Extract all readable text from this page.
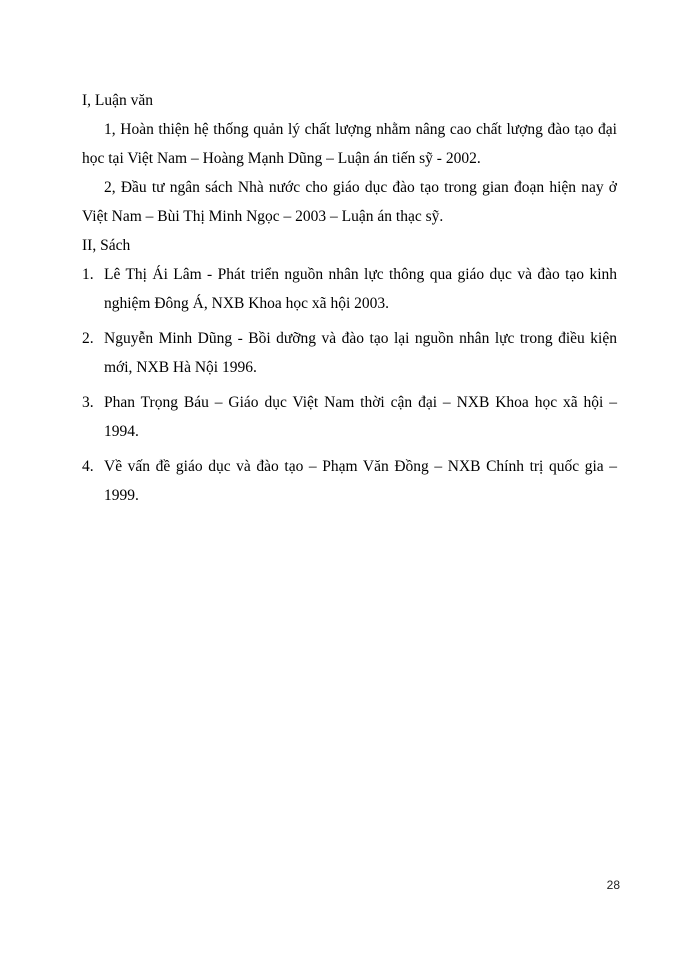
I, Luận văn

1, Hoàn thiện hệ thống quản lý chất lượng nhằm nâng cao chất lượng đào tạo đại học tại Việt Nam – Hoàng Mạnh Dũng – Luận án tiến sỹ - 2002.

2, Đầu tư ngân sách Nhà nước cho giáo dục đào tạo trong gian đoạn hiện nay ở Việt Nam – Bùi Thị Minh Ngọc – 2003 – Luận án thạc sỹ.

II, Sách

1. Lê Thị Ái Lâm - Phát triển nguồn nhân lực thông qua giáo dục và đào tạo kinh nghiệm Đông Á, NXB Khoa học xã hội 2003.
2. Nguyễn Minh Dũng - Bồi dưỡng và đào tạo lại nguồn nhân lực trong điều kiện mới, NXB Hà Nội 1996.
3. Phan Trọng Báu – Giáo dục Việt Nam thời cận đại – NXB Khoa học xã hội – 1994.
4. Về vấn đề giáo dục và đào tạo – Phạm Văn Đồng – NXB Chính trị quốc gia – 1999.
28
